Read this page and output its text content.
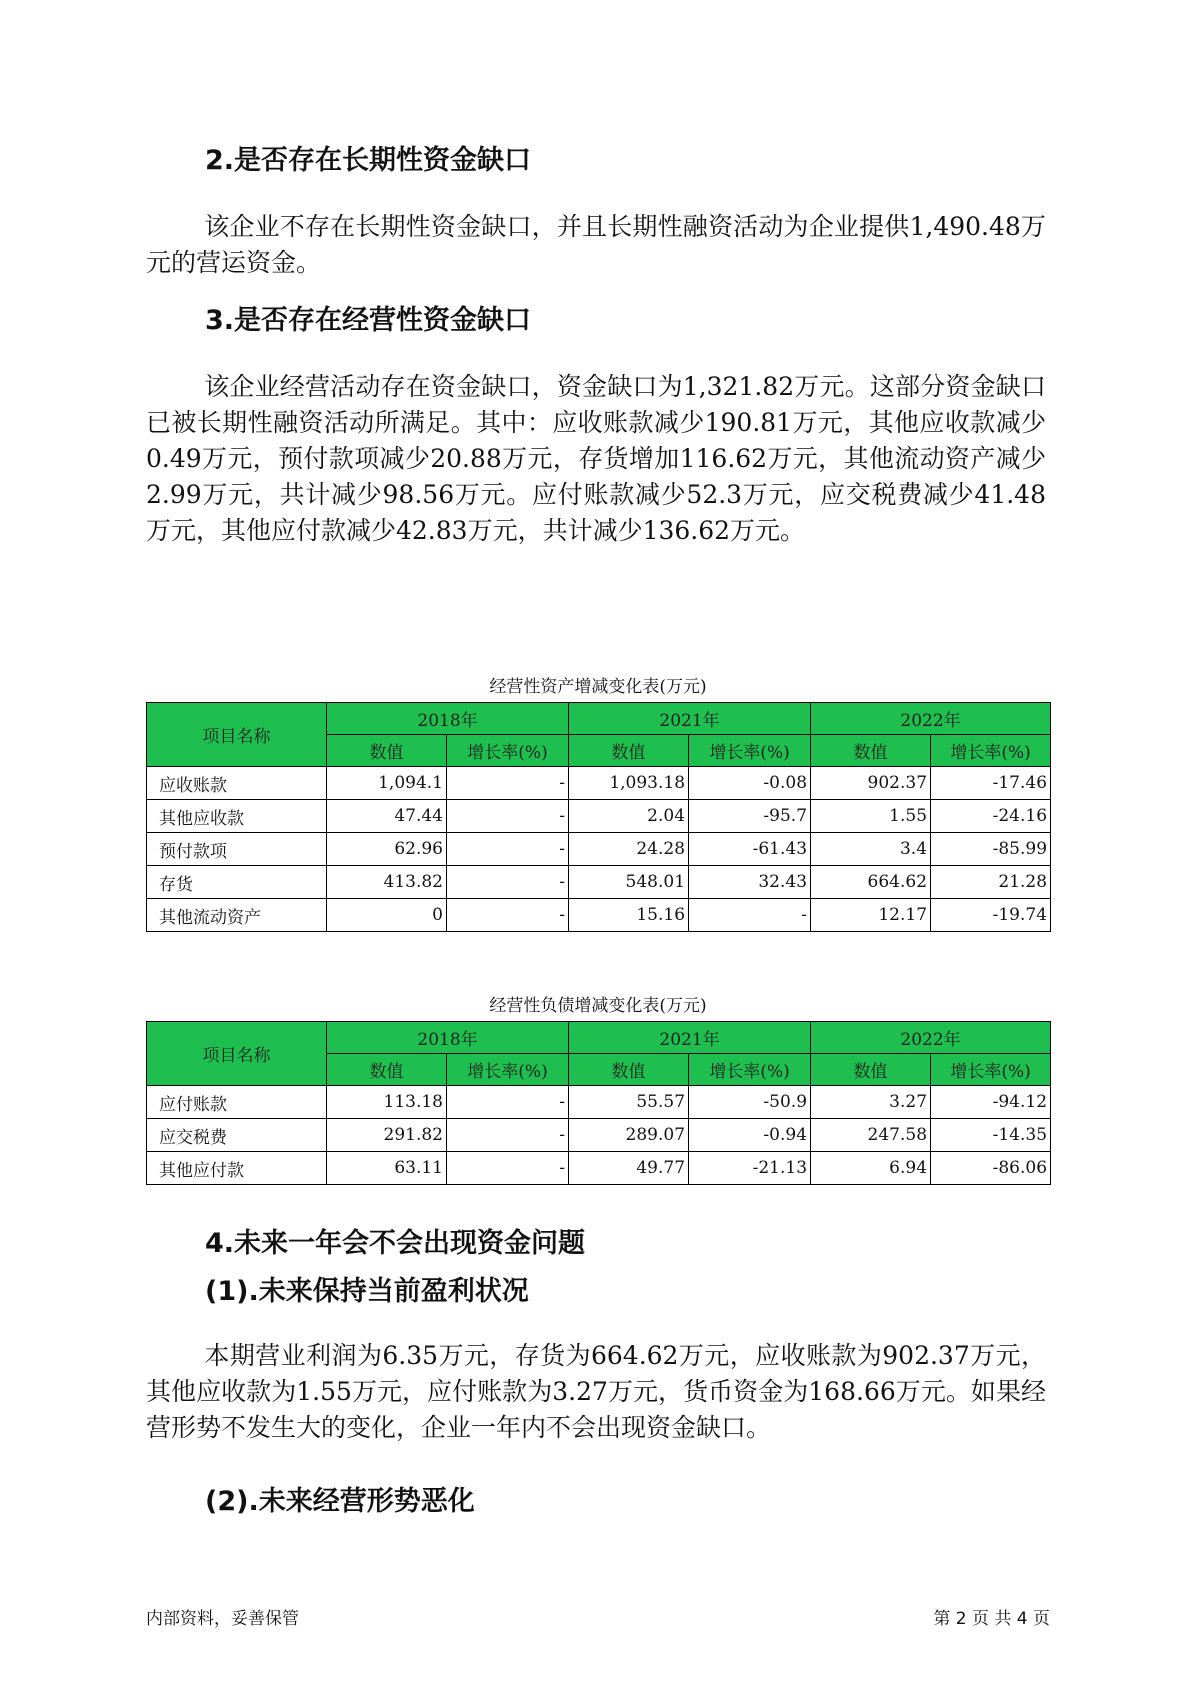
2.是否存在长期性资金缺口
该企业不存在长期性资金缺口，并且长期性融资活动为企业提供1,490.48万元的营运资金。
3.是否存在经营性资金缺口
该企业经营活动存在资金缺口，资金缺口为1,321.82万元。这部分资金缺口已被长期性融资活动所满足。其中：应收账款减少190.81万元，其他应收款减少0.49万元，预付款项减少20.88万元，存货增加116.62万元，其他流动资产减少2.99万元，共计减少98.56万元。应付账款减少52.3万元，应交税费减少41.48万元，其他应付款减少42.83万元，共计减少136.62万元。
经营性资产增减变化表(万元)
项目名称	2018年		2021年		2022年	
	数值	增长率(%)	数值	增长率(%)	数值	增长率(%)
应收账款	1,094.1	-	1,093.18	-0.08	902.37	-17.46
其他应收款	47.44	-	2.04	-95.7	1.55	-24.16
预付款项	62.96	-	24.28	-61.43	3.4	-85.99
存货	413.82	-	548.01	32.43	664.62	21.28
其他流动资产	0	-	15.16	-	12.17	-19.74
经营性负债增减变化表(万元)
项目名称	2018年		2021年		2022年	
	数值	增长率(%)	数值	增长率(%)	数值	增长率(%)
应付账款	113.18	-	55.57	-50.9	3.27	-94.12
应交税费	291.82	-	289.07	-0.94	247.58	-14.35
其他应付款	63.11	-	49.77	-21.13	6.94	-86.06
4.未来一年会不会出现资金问题
(1).未来保持当前盈利状况
本期营业利润为6.35万元，存货为664.62万元，应收账款为902.37万元，其他应收款为1.55万元，应付账款为3.27万元，货币资金为168.66万元。如果经营形势不发生大的变化，企业一年内不会出现资金缺口。
(2).未来经营形势恶化
内部资料，妥善保管	第 2 页 共 4 页
